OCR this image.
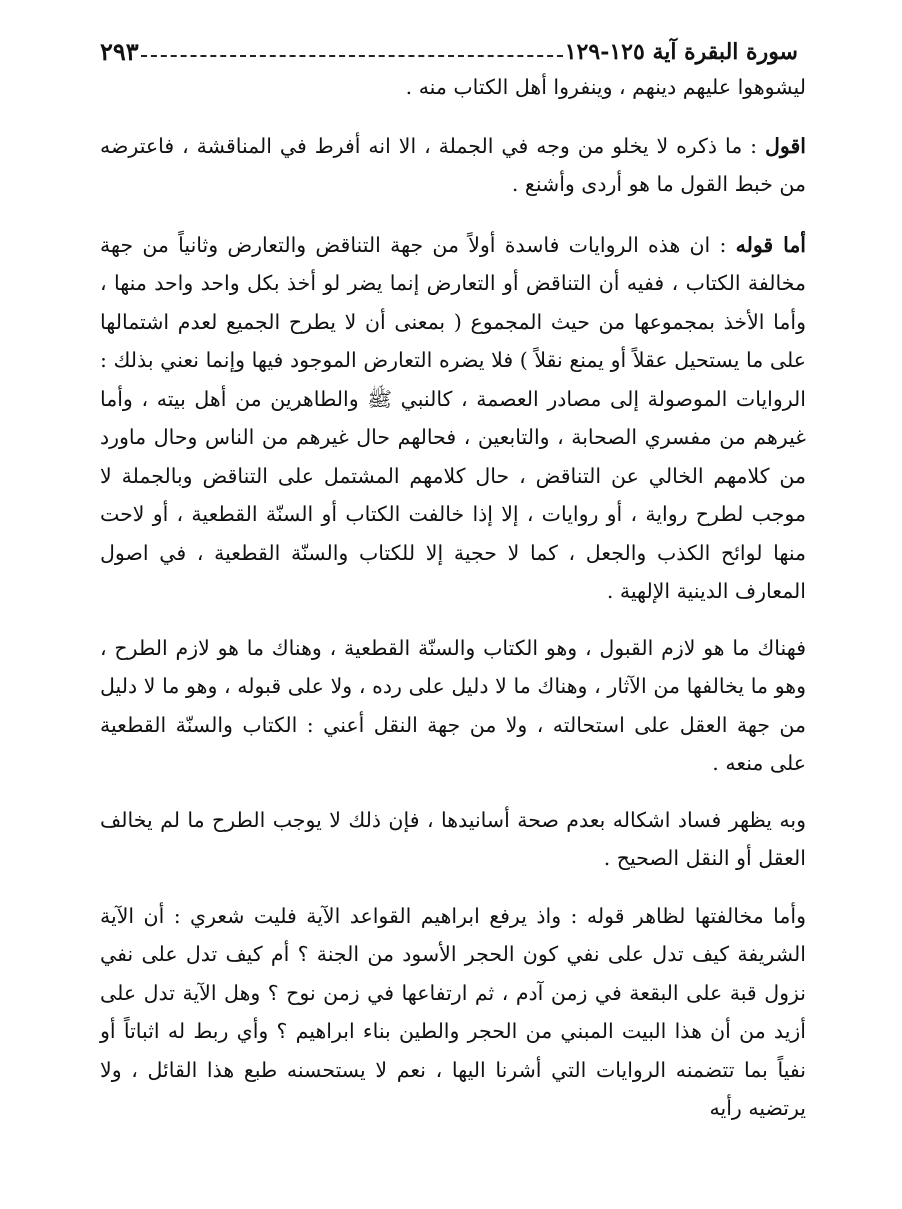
سورة البقرة آية ١٢٥-١٢٩
٢٩٣

ليشوهوا عليهم دينهم ، وينفروا أهل الكتاب منه .

اقول : ما ذكره لا يخلو من وجه في الجملة ، الا انه أفرط في المناقشة ، فاعترضه من خبط القول ما هو أردى وأشنع .

أما قوله : ان هذه الروايات فاسدة أولاً من جهة التناقض والتعارض وثانياً من جهة مخالفة الكتاب ، ففيه أن التناقض أو التعارض إنما يضر لو أخذ بكل واحد واحد منها ، وأما الأخذ بمجموعها من حيث المجموع ( بمعنى أن لا يطرح الجميع لعدم اشتمالها على ما يستحيل عقلاً أو يمنع نقلاً ) فلا يضره التعارض الموجود فيها وإنما نعني بذلك : الروايات الموصولة إلى مصادر العصمة ، كالنبي ﷺ والطاهرين من أهل بيته ، وأما غيرهم من مفسري الصحابة ، والتابعين ، فحالهم حال غيرهم من الناس وحال ماورد من كلامهم الخالي عن التناقض ، حال كلامهم المشتمل على التناقض وبالجملة لا موجب لطرح رواية ، أو روايات ، إلا إذا خالفت الكتاب أو السنّة القطعية ، أو لاحت منها لوائح الكذب والجعل ، كما لا حجية إلا للكتاب والسنّة القطعية ، في اصول المعارف الدينية الإلهية .

فهناك ما هو لازم القبول ، وهو الكتاب والسنّة القطعية ، وهناك ما هو لازم الطرح ، وهو ما يخالفها من الآثار ، وهناك ما لا دليل على رده ، ولا على قبوله ، وهو ما لا دليل من جهة العقل على استحالته ، ولا من جهة النقل أعني : الكتاب والسنّة القطعية على منعه .

وبه يظهر فساد اشكاله بعدم صحة أسانيدها ، فإن ذلك لا يوجب الطرح ما لم يخالف العقل أو النقل الصحيح .

وأما مخالفتها لظاهر قوله : واذ يرفع ابراهيم القواعد الآية فليت شعري : أن الآية الشريفة كيف تدل على نفي كون الحجر الأسود من الجنة ؟ أم كيف تدل على نفي نزول قبة على البقعة في زمن آدم ، ثم ارتفاعها في زمن نوح ؟ وهل الآية تدل على أزيد من أن هذا البيت المبني من الحجر والطين بناء ابراهيم ؟ وأي ربط له اثباتاً أو نفياً بما تتضمنه الروايات التي أشرنا اليها ، نعم لا يستحسنه طبع هذا القائل ، ولا يرتضيه رأيه
